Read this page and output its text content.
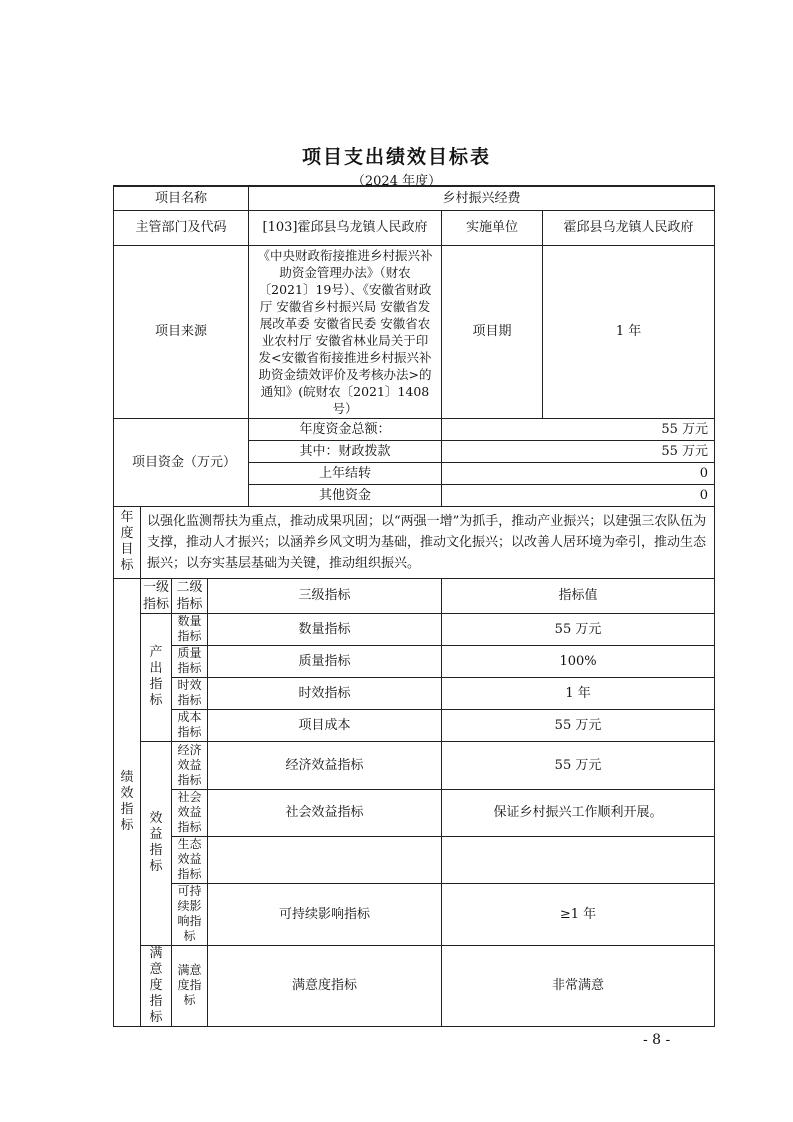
项目支出绩效目标表
（2024 年度）
项目名称				乡村振兴经费	
主管部门及代码				[103]霍邱县乌龙镇人民政府	实施单位 霍邱县乌龙镇人民政府

项目来源				《中央财政衔接推进乡村振兴补助资金管理办法》（财农〔2021〕19号）、《安徽省财政厅 安徽省乡村振兴局 安徽省发展改革委 安徽省民委 安徽省农业农村厅 安徽省林业局关于印发<安徽省衔接推进乡村振兴补助资金绩效评价及考核办法>的通知》(皖财农〔2021〕1408 号）	项目期 1 年

项目资金（万元）				年度资金总额：	55 万元
				其中：财政拨款	55 万元
				上年结转	0
				其他资金	0
年度目标	以强化监测帮扶为重点，推动成果巩固；以“两强一增”为抓手，推动产业振兴；以建强三农队伍为支撑，推动人才振兴；以涵养乡风文明为基础，推动文化振兴；以改善人居环境为牵引，推动生态振兴；以夯实基层基础为关键，推动组织振兴。				
绩效指标	一级指标	二级指标	三级指标		指标值
	产出指标	数量指标	数量指标		55 万元
		质量指标	质量指标		100%
		时效指标	时效指标		1 年
		成本指标	项目成本		55 万元
	效益指标	经济效益指标	经济效益指标		55 万元
		社会效益指标	社会效益指标		保证乡村振兴工作顺利开展。
		生态效益指标			
		可持续影响指标	可持续影响指标		≥1 年
	满意度指标	满意度指标	满意度指标		非常满意
- 8 -
